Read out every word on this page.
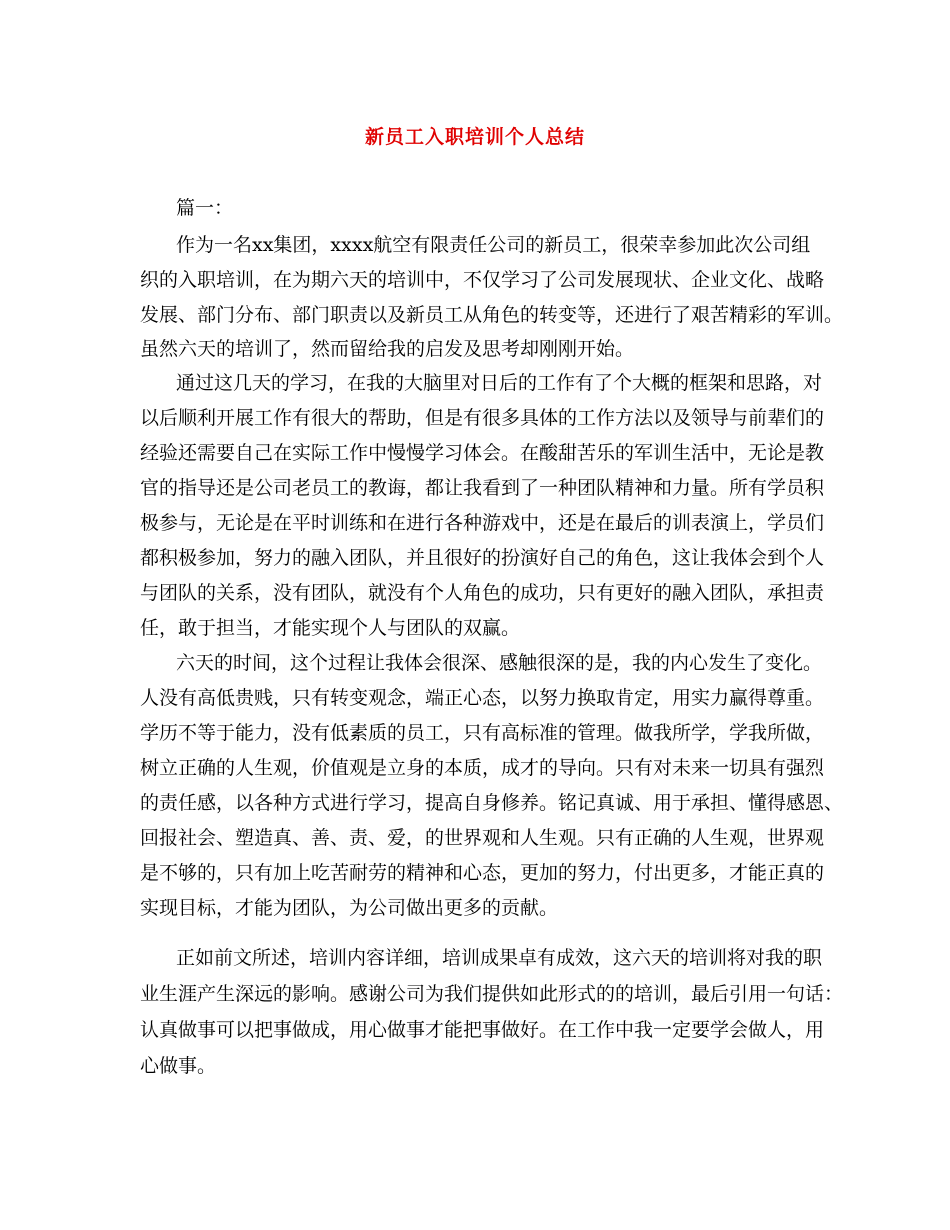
新员工入职培训个人总结
篇一：
作为一名xx集团，xxxx航空有限责任公司的新员工，很荣幸参加此次公司组
织的入职培训，在为期六天的培训中，不仅学习了公司发展现状、企业文化、战略
发展、部门分布、部门职责以及新员工从角色的转变等，还进行了艰苦精彩的军训。
虽然六天的培训了，然而留给我的启发及思考却刚刚开始。
通过这几天的学习，在我的大脑里对日后的工作有了个大概的框架和思路，对
以后顺利开展工作有很大的帮助，但是有很多具体的工作方法以及领导与前辈们的
经验还需要自己在实际工作中慢慢学习体会。在酸甜苦乐的军训生活中，无论是教
官的指导还是公司老员工的教诲，都让我看到了一种团队精神和力量。所有学员积
极参与，无论是在平时训练和在进行各种游戏中，还是在最后的训表演上，学员们
都积极参加，努力的融入团队，并且很好的扮演好自己的角色，这让我体会到个人
与团队的关系，没有团队，就没有个人角色的成功，只有更好的融入团队，承担责
任，敢于担当，才能实现个人与团队的双赢。
六天的时间，这个过程让我体会很深、感触很深的是，我的内心发生了变化。
人没有高低贵贱，只有转变观念，端正心态，以努力换取肯定，用实力赢得尊重。
学历不等于能力，没有低素质的员工，只有高标准的管理。做我所学，学我所做，
树立正确的人生观，价值观是立身的本质，成才的导向。只有对未来一切具有强烈
的责任感，以各种方式进行学习，提高自身修养。铭记真诚、用于承担、懂得感恩、
回报社会、塑造真、善、责、爱，的世界观和人生观。只有正确的人生观，世界观
是不够的，只有加上吃苦耐劳的精神和心态，更加的努力，付出更多，才能正真的
实现目标，才能为团队，为公司做出更多的贡献。
正如前文所述，培训内容详细，培训成果卓有成效，这六天的培训将对我的职
业生涯产生深远的影响。感谢公司为我们提供如此形式的的培训，最后引用一句话：
认真做事可以把事做成，用心做事才能把事做好。在工作中我一定要学会做人，用
心做事。
